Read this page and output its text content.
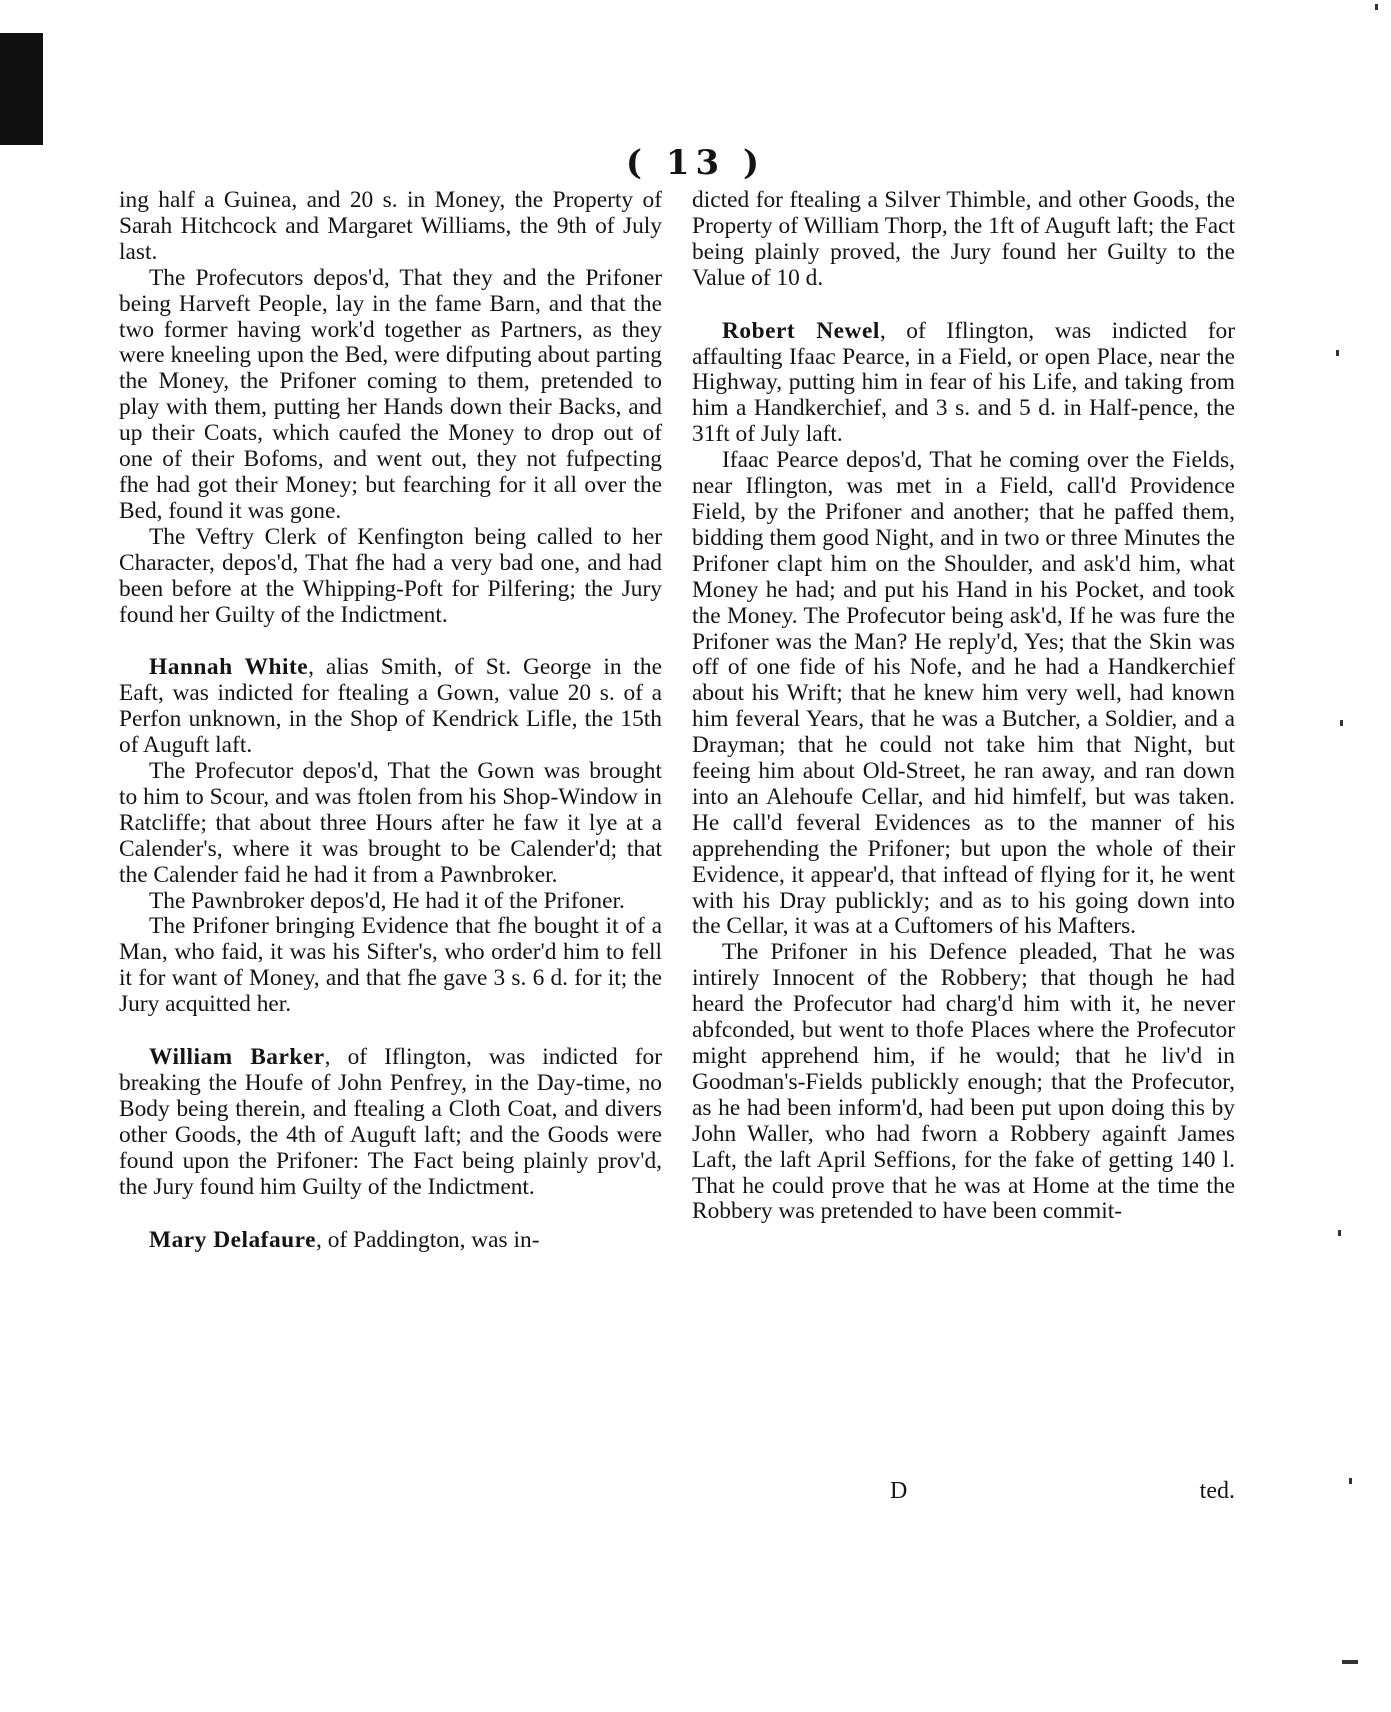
( 13 )

ing half a Guinea, and 20 s. in Money, the Property of Sarah Hitchcock and Margaret Williams, the 9th of July last.

The Profecutors depos'd, That they and the Prifoner being Harveft People, lay in the fame Barn, and that the two former having work'd together as Partners, as they were kneeling upon the Bed, were difputing about parting the Money, the Prifoner coming to them, pretended to play with them, putting her Hands down their Backs, and up their Coats, which caufed the Money to drop out of one of their Bofoms, and went out, they not fufpecting fhe had got their Money; but fearching for it all over the Bed, found it was gone.

The Veftry Clerk of Kenfington being called to her Character, depos'd, That fhe had a very bad one, and had been before at the Whipping-Poft for Pilfering; the Jury found her Guilty of the Indictment.

Hannah White, alias Smith, of St. George in the Eaft, was indicted for ftealing a Gown, value 20 s. of a Perfon unknown, in the Shop of Kendrick Lifle, the 15th of Auguft laft.

The Profecutor depos'd, That the Gown was brought to him to Scour, and was ftolen from his Shop-Window in Ratcliffe; that about three Hours after he faw it lye at a Calender's, where it was brought to be Calender'd; that the Calender faid he had it from a Pawnbroker.

The Pawnbroker depos'd, He had it of the Prifoner.

The Prifoner bringing Evidence that fhe bought it of a Man, who faid, it was his Sifter's, who order'd him to fell it for want of Money, and that fhe gave 3 s. 6 d. for it; the Jury acquitted her.

William Barker, of Iflington, was indicted for breaking the Houfe of John Penfrey, in the Day-time, no Body being therein, and ftealing a Cloth Coat, and divers other Goods, the 4th of Auguft laft; and the Goods were found upon the Prifoner: The Fact being plainly prov'd, the Jury found him Guilty of the Indictment.

Mary Delafaure, of Paddington, was in-

dicted for ftealing a Silver Thimble, and other Goods, the Property of William Thorp, the 1ft of Auguft laft; the Fact being plainly proved, the Jury found her Guilty to the Value of 10 d.

Robert Newel, of Iflington, was indicted for affaulting Ifaac Pearce, in a Field, or open Place, near the Highway, putting him in fear of his Life, and taking from him a Handkerchief, and 3 s. and 5 d. in Half-pence, the 31ft of July laft.

Ifaac Pearce depos'd, That he coming over the Fields, near Iflington, was met in a Field, call'd Providence Field, by the Prifoner and another; that he paffed them, bidding them good Night, and in two or three Minutes the Prifoner clapt him on the Shoulder, and ask'd him, what Money he had; and put his Hand in his Pocket, and took the Money. The Profecutor being ask'd, If he was fure the Prifoner was the Man? He reply'd, Yes; that the Skin was off of one fide of his Nofe, and he had a Handkerchief about his Wrift; that he knew him very well, had known him feveral Years, that he was a Butcher, a Soldier, and a Drayman; that he could not take him that Night, but feeing him about Old-Street, he ran away, and ran down into an Alehoufe Cellar, and hid himfelf, but was taken. He call'd feveral Evidences as to the manner of his apprehending the Prifoner; but upon the whole of their Evidence, it appear'd, that inftead of flying for it, he went with his Dray publickly; and as to his going down into the Cellar, it was at a Cuftomers of his Mafters.

The Prifoner in his Defence pleaded, That he was intirely Innocent of the Robbery; that though he had heard the Profecutor had charg'd him with it, he never abfconded, but went to thofe Places where the Profecutor might apprehend him, if he would; that he liv'd in Goodman's-Fields publickly enough; that the Profecutor, as he had been inform'd, had been put upon doing this by John Waller, who had fworn a Robbery againft James Laft, the laft April Seffions, for the fake of getting 140 l. That he could prove that he was at Home at the time the Robbery was pretended to have been commit-

D	ted.
